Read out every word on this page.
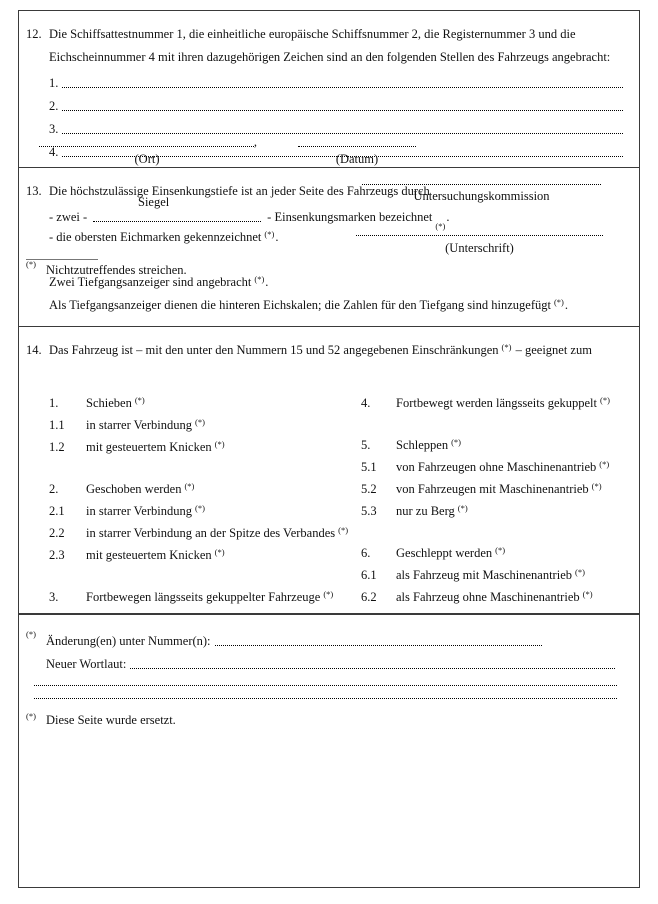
12. Die Schiffsattestnummer 1, die einheitliche europäische Schiffsnummer 2, die Registernummer 3 und die
Eichscheinnummer 4 mit ihren dazugehörigen Zeichen sind an den folgenden Stellen des Fahrzeugs angebracht:
1.
2.
3.
4.
13. Die höchstzulässige Einsenkungstiefe ist an jeder Seite des Fahrzeugs durch
- zwei -	- Einsenkungsmarken bezeichnet
(*)
.
- die obersten Eichmarken gekennzeichnet (*).
Zwei Tiefgangsanzeiger sind angebracht (*).
Als Tiefgangsanzeiger dienen die hinteren Eichskalen; die Zahlen für den Tiefgang sind hinzugefügt (*).
14. Das Fahrzeug ist – mit den unter den Nummern 15 und 52 angegebenen Einschränkungen (*) – geeignet zum
1.	Schieben (*)
1.1	in starrer Verbindung (*)
1.2	mit gesteuertem Knicken (*)
2.	Geschoben werden (*)
2.1	in starrer Verbindung (*)
2.2	in starrer Verbindung an der Spitze des Verbandes (*)
2.3	mit gesteuertem Knicken (*)
3.	Fortbewegen längsseits gekuppelter Fahrzeuge (*)
4.	Fortbewegt werden längsseits gekuppelt (*)
5.	Schleppen (*)
5.1	von Fahrzeugen ohne Maschinenantrieb (*)
5.2	von Fahrzeugen mit Maschinenantrieb (*)
5.3	nur zu Berg (*)
6.	Geschleppt werden (*)
6.1	als Fahrzeug mit Maschinenantrieb (*)
6.2	als Fahrzeug ohne Maschinenantrieb (*)
(*) Änderung(en) unter Nummer(n):
Neuer Wortlaut:
(*) Diese Seite wurde ersetzt.
,
(Ort)	(Datum)
Untersuchungskommission
Siegel
(Unterschrift)
(*) Nichtzutreffendes streichen.
